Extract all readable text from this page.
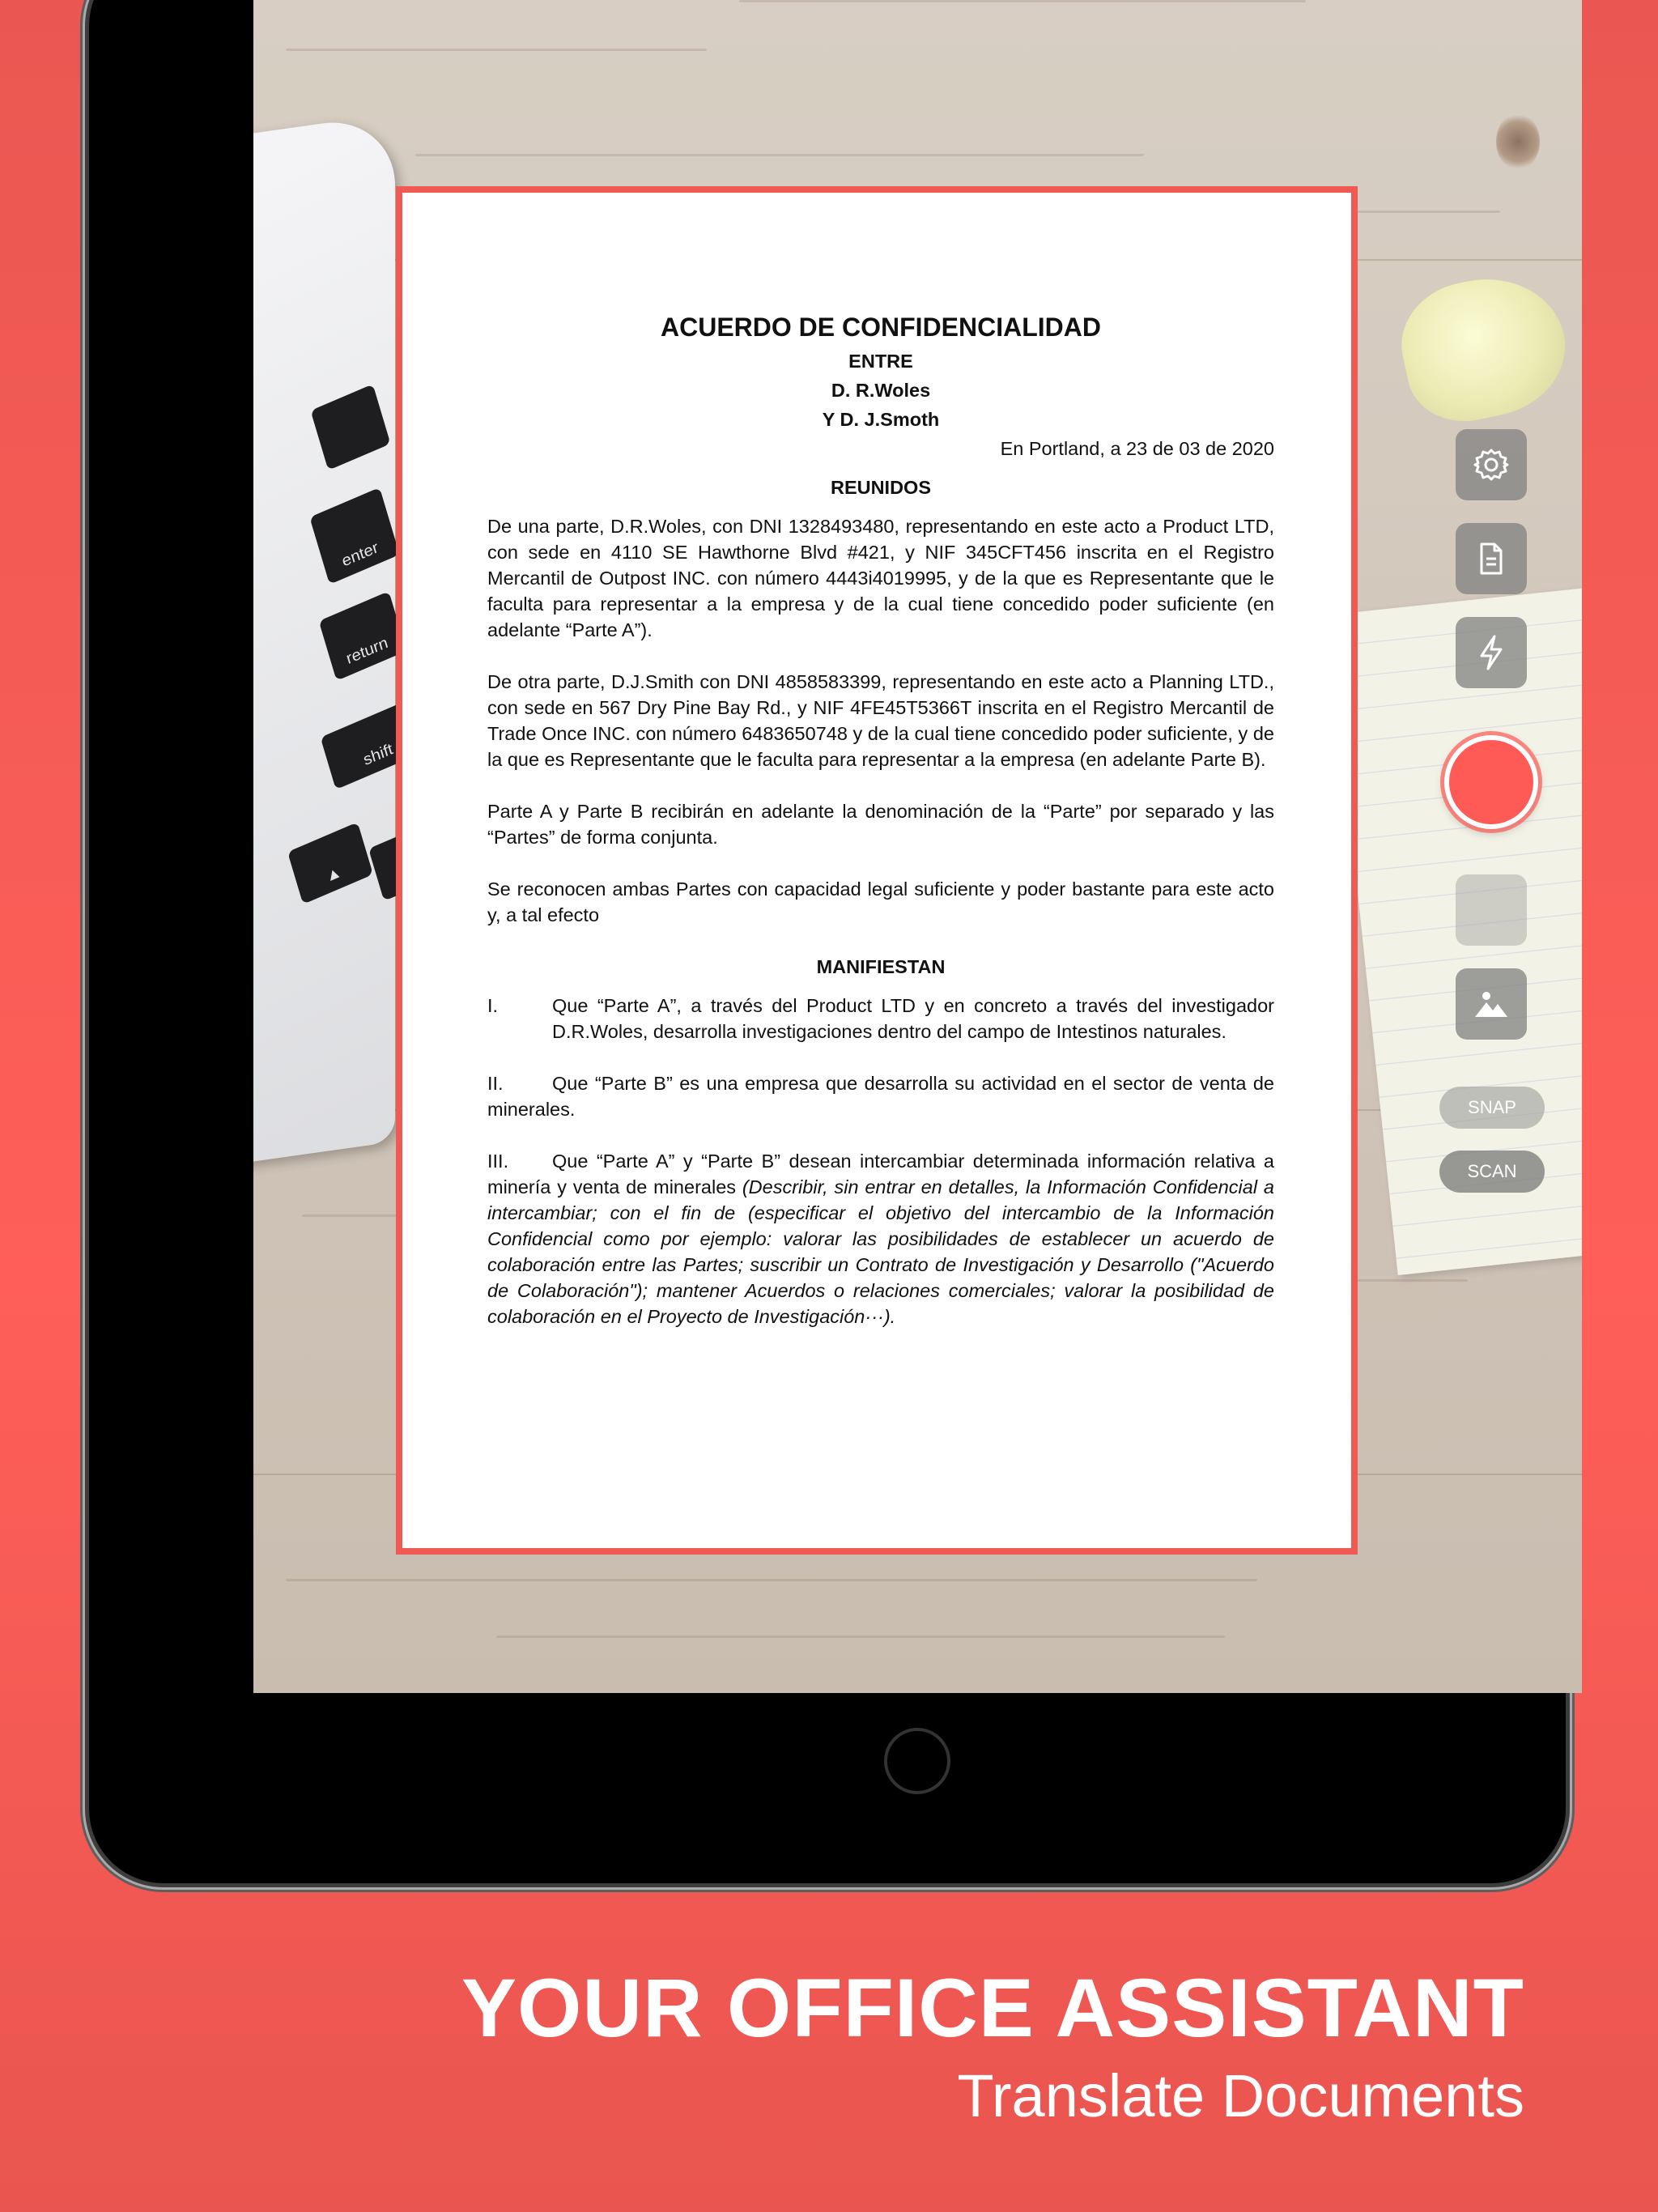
enter
return
shift
▲
ACUERDO DE CONFIDENCIALIDAD
ENTRE
D. R.Woles
Y D. J.Smoth
En Portland, a 23 de 03 de 2020
REUNIDOS

De una parte, D.R.Woles, con DNI 1328493480, representando en este acto a Product LTD, con sede en 4110 SE Hawthorne Blvd #421, y NIF 345CFT456 inscrita en el Registro Mercantil de Outpost INC. con número 4443i4019995, y de la que es Representante que le faculta para representar a la empresa y de la cual tiene concedido poder suficiente (en adelante “Parte A”).

De otra parte, D.J.Smith con DNI 4858583399, representando en este acto a Planning LTD., con sede en 567 Dry Pine Bay Rd., y NIF 4FE45T5366T inscrita en el Registro Mercantil de Trade Once INC. con número 6483650748 y de la cual tiene concedido poder suficiente, y de la que es Representante que le faculta para representar a la empresa (en adelante Parte B).

Parte A y Parte B recibirán en adelante la denominación de la “Parte” por separado y las “Partes” de forma conjunta.

Se reconocen ambas Partes con capacidad legal suficiente y poder bastante para este acto y, a tal efecto

MANIFIESTAN
I.	Que “Parte A”, a través del Product LTD y en concreto a través del investigador D.R.Woles, desarrolla investigaciones dentro del campo de Intestinos naturales.

II.	Que “Parte B” es una empresa que desarrolla su actividad en el sector de venta de minerales.

III. Que “Parte A” y “Parte B” desean intercambiar determinada información relativa a minería y venta de minerales (Describir, sin entrar en detalles, la Información Confidencial a intercambiar; con el fin de (especificar el objetivo del intercambio de la Información Confidencial como por ejemplo: valorar las posibilidades de establecer un acuerdo de colaboración entre las Partes; suscribir un Contrato de Investigación y Desarrollo ("Acuerdo de Colaboración"); mantener Acuerdos o relaciones comerciales; valorar la posibilidad de colaboración en el Proyecto de Investigación···).

SNAP
SCAN
YOUR OFFICE ASSISTANT
Translate Documents
